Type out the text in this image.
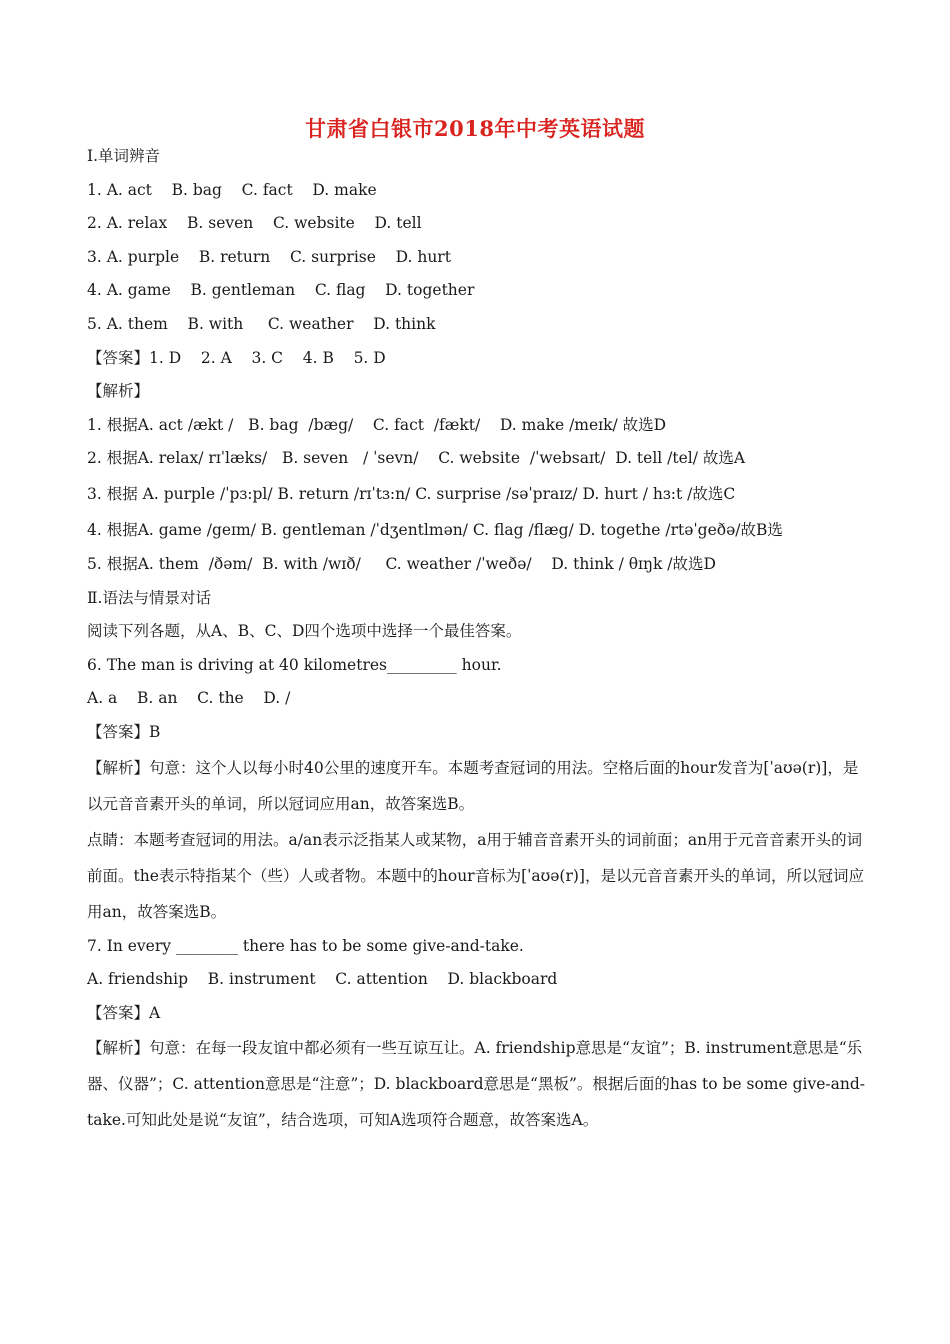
甘肃省白银市2018年中考英语试题

I.单词辨音

1. A. act    B. bag    C. fact    D. make

2. A. relax    B. seven    C. website    D. tell

3. A. purple    B. return    C. surprise    D. hurt

4. A. game    B. gentleman    C. flag    D. together

5. A. them    B. with     C. weather    D. think

【答案】1. D    2. A    3. C    4. B    5. D

【解析】

1. 根据A. act /ækt /   B. bag  /bæg/    C. fact  /fækt/    D. make /meɪk/ 故选D

2. 根据A. relax/ rɪˈlæks/   B. seven   / ˈsevn/    C. website  /ˈwebsaɪt/  D. tell /tel/ 故选A

3. 根据 A. purple /ˈpɜ:pl/ B. return /rɪˈtɜ:n/ C. surprise /səˈpraɪz/ D. hurt / hɜ:t /故选C

4. 根据A. game /geɪm/ B. gentleman /ˈdʒentlmən/ C. flag /flæg/ D. togethe /rtəˈgeðə/故B选

5. 根据A. them  /ðəm/  B. with /wɪð/     C. weather /ˈweðə/    D. think / θɪŋk /故选D

Ⅱ.语法与情景对话

阅读下列各题，从A、B、C、D四个选项中选择一个最佳答案。

6. The man is driving at 40 kilometres_________ hour.

A. a    B. an    C. the    D. /

【答案】B

【解析】句意：这个人以每小时40公里的速度开车。本题考查冠词的用法。空格后面的hour发音为[ˈaʊə(r)]，是以元音音素开头的单词，所以冠词应用an，故答案选B。

点睛：本题考查冠词的用法。a/an表示泛指某人或某物，a用于辅音音素开头的词前面；an用于元音音素开头的词前面。the表示特指某个（些）人或者物。本题中的hour音标为[ˈaʊə(r)]，是以元音音素开头的单词，所以冠词应用an，故答案选B。

7. In every ________ there has to be some give-and-take.

A. friendship    B. instrument    C. attention    D. blackboard

【答案】A

【解析】句意：在每一段友谊中都必须有一些互谅互让。A. friendship意思是“友谊”；B. instrument意思是“乐器、仪器”；C. attention意思是“注意”；D. blackboard意思是“黑板”。根据后面的has to be some give-and-take.可知此处是说“友谊”，结合选项，可知A选项符合题意，故答案选A。
